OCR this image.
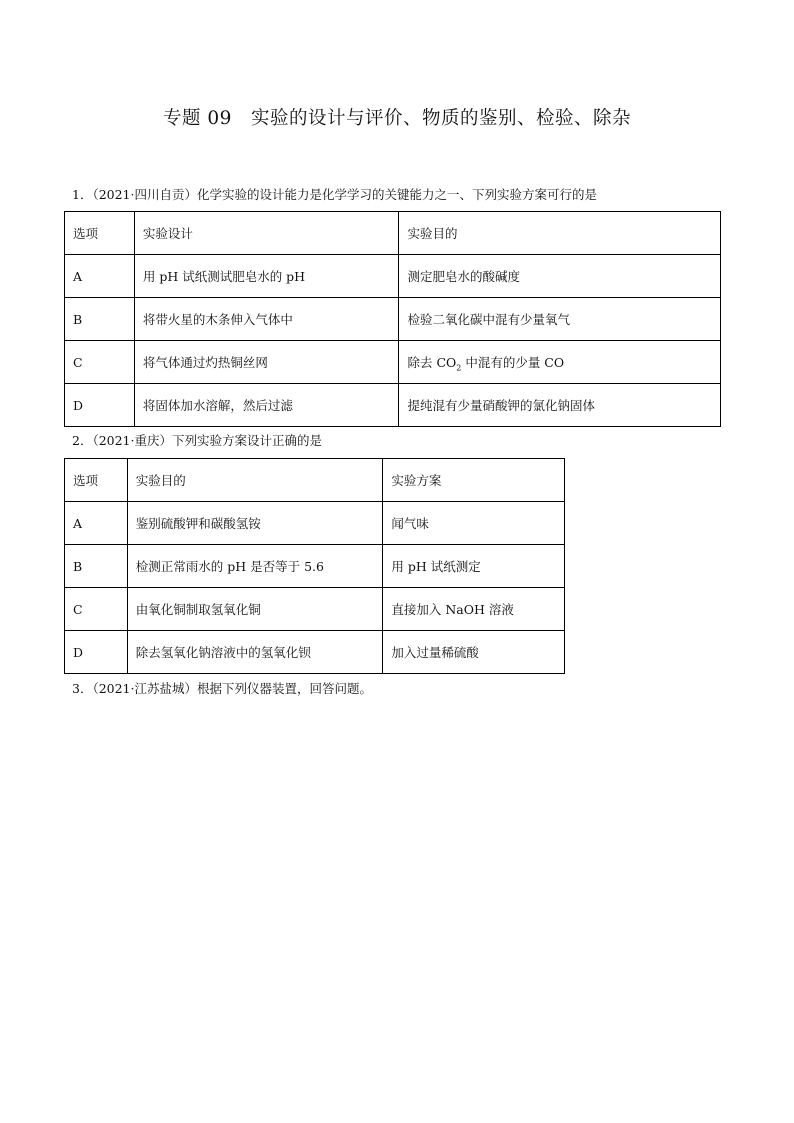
专题 09　实验的设计与评价、物质的鉴别、检验、除杂
1．（2021·四川自贡）化学实验的设计能力是化学学习的关键能力之一、下列实验方案可行的是
选项	实验设计	实验目的
A	用 pH 试纸测试肥皂水的 pH	测定肥皂水的酸碱度
B	将带火星的木条伸入气体中	检验二氧化碳中混有少量氧气
C	将气体通过灼热铜丝网	除去 $CO_2$ 中混有的少量 CO
D	将固体加水溶解，然后过滤	提纯混有少量硝酸钾的氯化钠固体
2．（2021·重庆）下列实验方案设计正确的是
选项	实验目的	实验方案
A	鉴别硫酸钾和碳酸氢铵	闻气味
B	检测正常雨水的 pH 是否等于 5.6	用 pH 试纸测定
C	由氧化铜制取氢氧化铜	直接加入 NaOH 溶液
D	除去氢氧化钠溶液中的氢氧化钡	加入过量稀硫酸
3．（2021·江苏盐城）根据下列仪器装置，回答问题。
